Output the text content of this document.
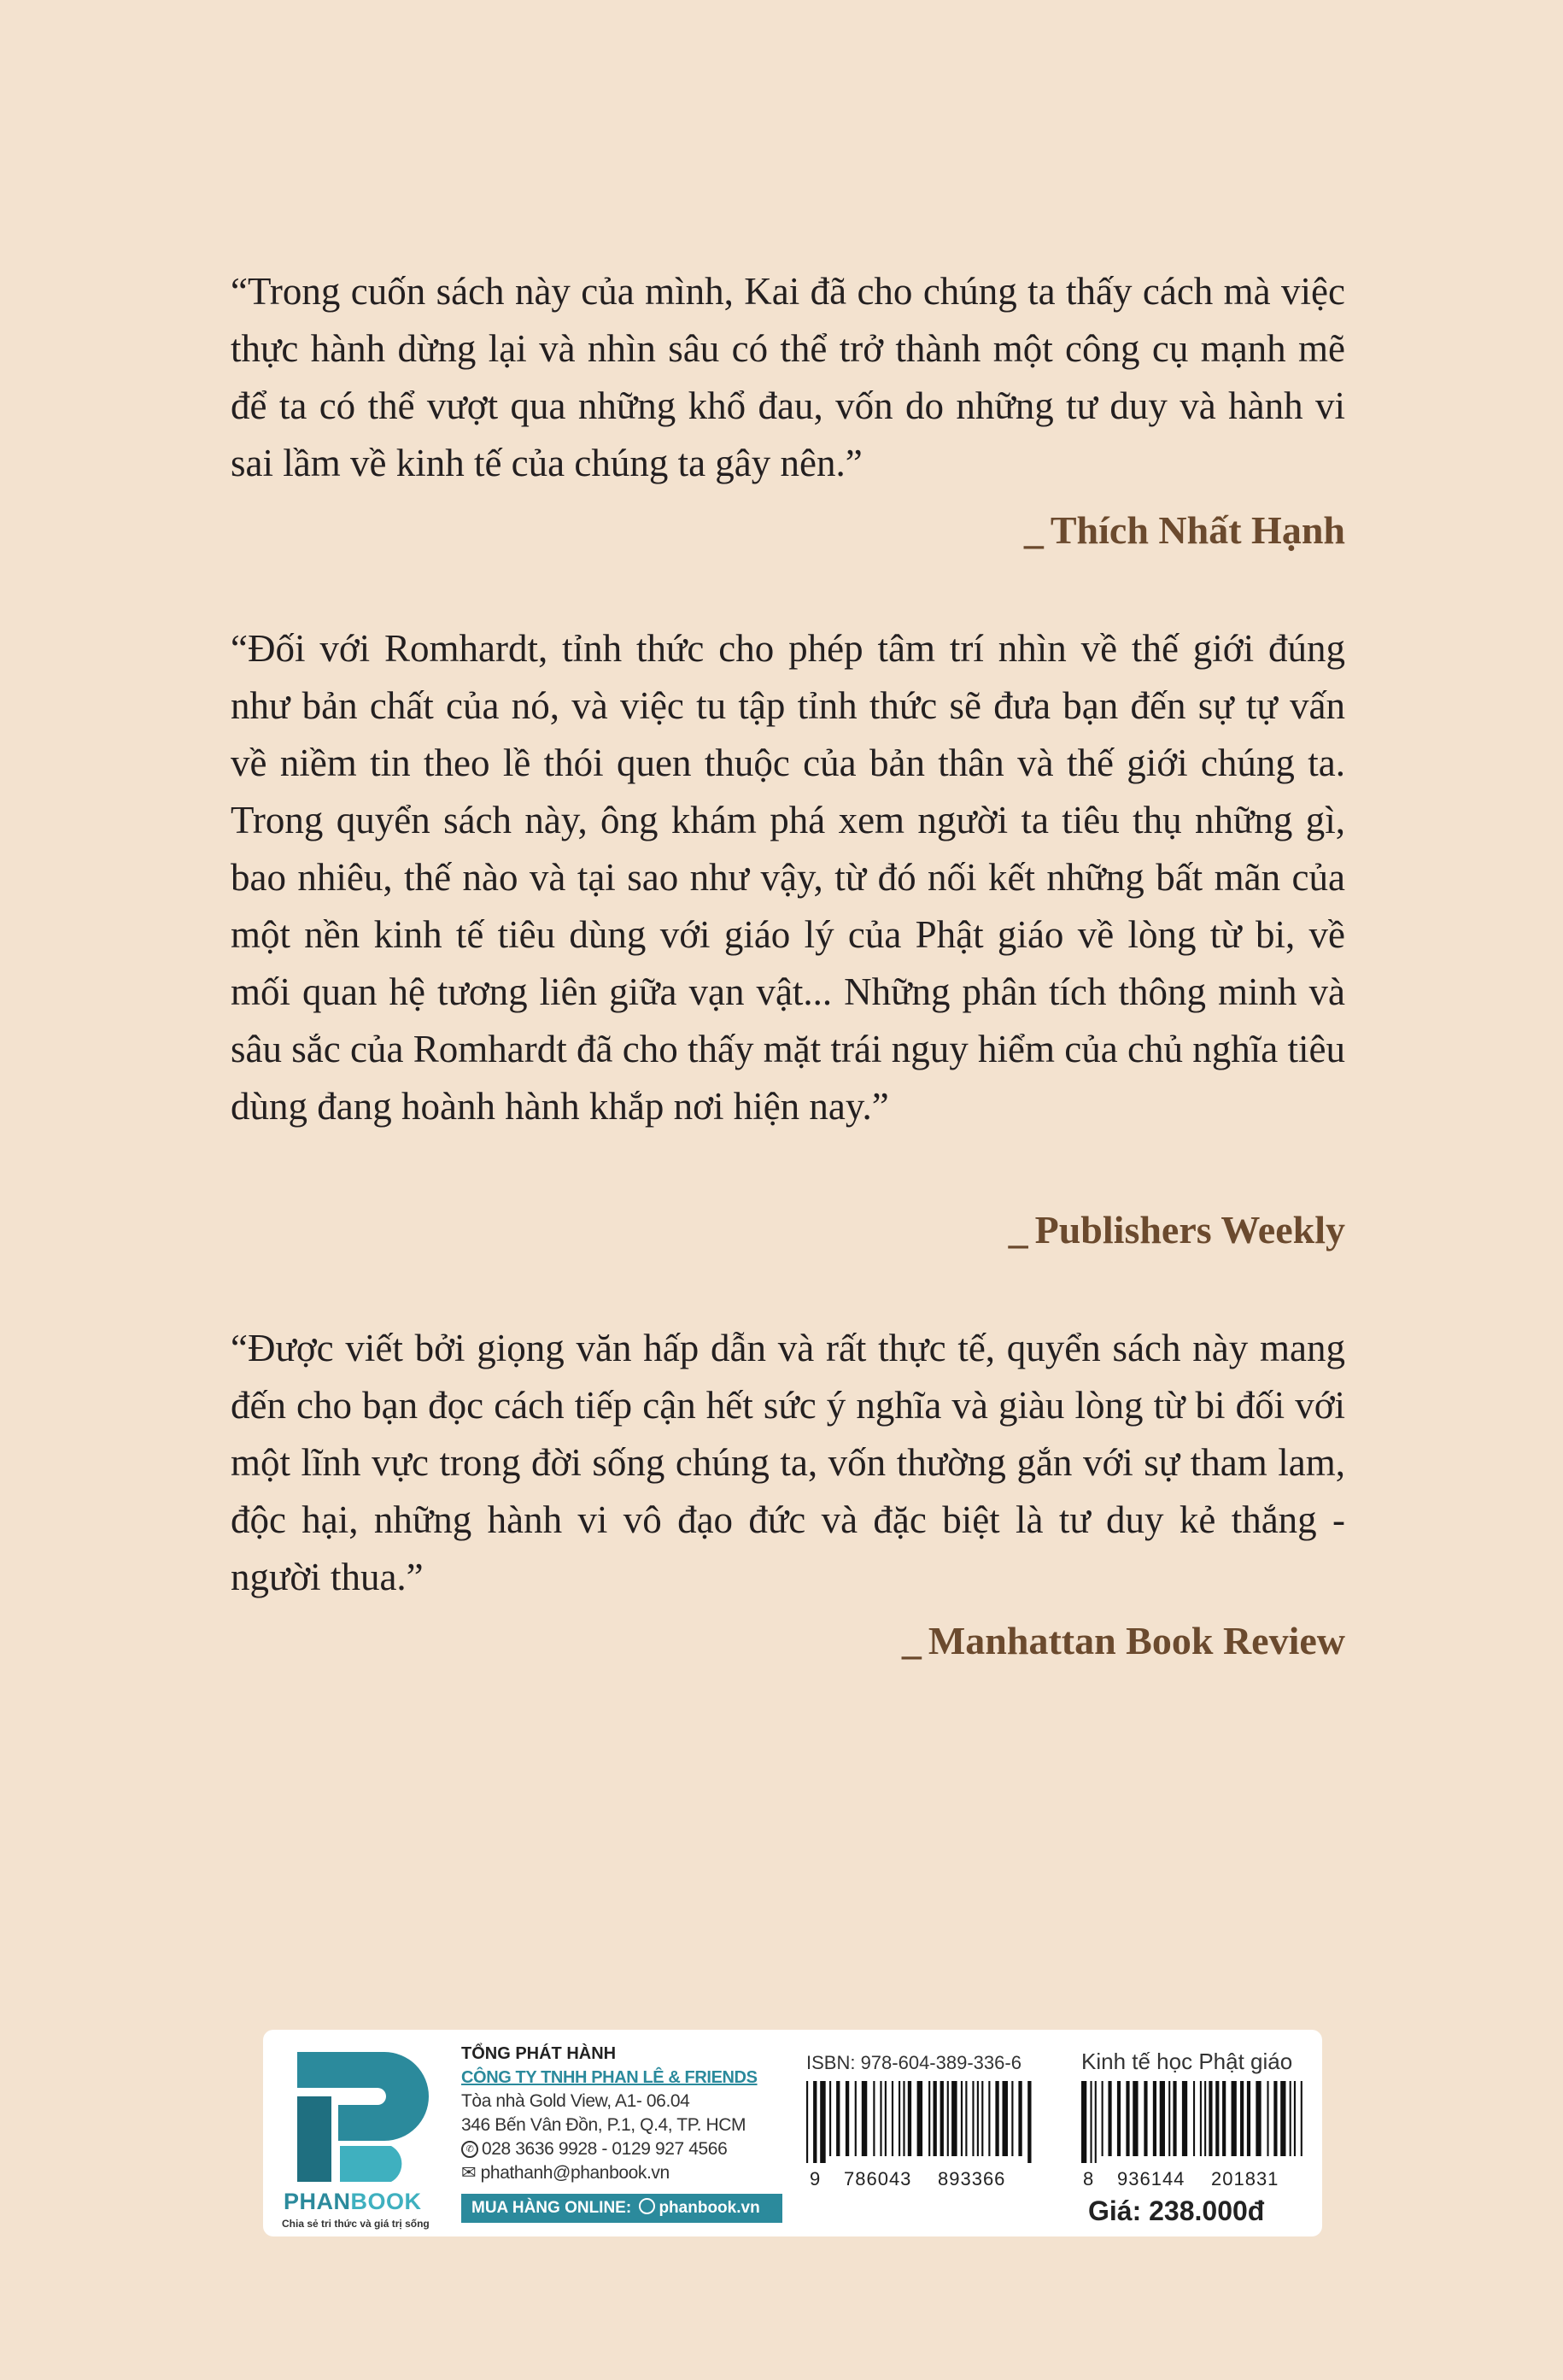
“Trong cuốn sách này của mình, Kai đã cho chúng ta thấy cách mà việc thực hành dừng lại và nhìn sâu có thể trở thành một công cụ mạnh mẽ để ta có thể vượt qua những khổ đau, vốn do những tư duy và hành vi sai lầm về kinh tế của chúng ta gây nên.”
_ Thích Nhất Hạnh
“Đối với Romhardt, tỉnh thức cho phép tâm trí nhìn về thế giới đúng như bản chất của nó, và việc tu tập tỉnh thức sẽ đưa bạn đến sự tự vấn về niềm tin theo lề thói quen thuộc của bản thân và thế giới chúng ta. Trong quyển sách này, ông khám phá xem người ta tiêu thụ những gì, bao nhiêu, thế nào và tại sao như vậy, từ đó nối kết những bất mãn của một nền kinh tế tiêu dùng với giáo lý của Phật giáo về lòng từ bi, về mối quan hệ tương liên giữa vạn vật... Những phân tích thông minh và sâu sắc của Romhardt đã cho thấy mặt trái nguy hiểm của chủ nghĩa tiêu dùng đang hoành hành khắp nơi hiện nay.”
_ Publishers Weekly
“Được viết bởi giọng văn hấp dẫn và rất thực tế, quyển sách này mang đến cho bạn đọc cách tiếp cận hết sức ý nghĩa và giàu lòng từ bi đối với một lĩnh vực trong đời sống chúng ta, vốn thường gắn với sự tham lam, độc hại, những hành vi vô đạo đức và đặc biệt là tư duy kẻ thắng - người thua.”
_ Manhattan Book Review
PHANBOOK
Chia sẻ tri thức và giá trị sống
TỔNG PHÁT HÀNH
CÔNG TY TNHH PHAN LÊ & FRIENDS
Tòa nhà Gold View, A1- 06.04
346 Bến Vân Đồn, P.1, Q.4, TP. HCM
✆ 028 3636 9928 - 0129 927 4566
✉ phathanh@phanbook.vn
MUA HÀNG ONLINE: phanbook.vn
ISBN: 978-604-389-336-6	Kinh tế học Phật giáo
9 786043 893366	8 936144 201831
Giá: 238.000đ
